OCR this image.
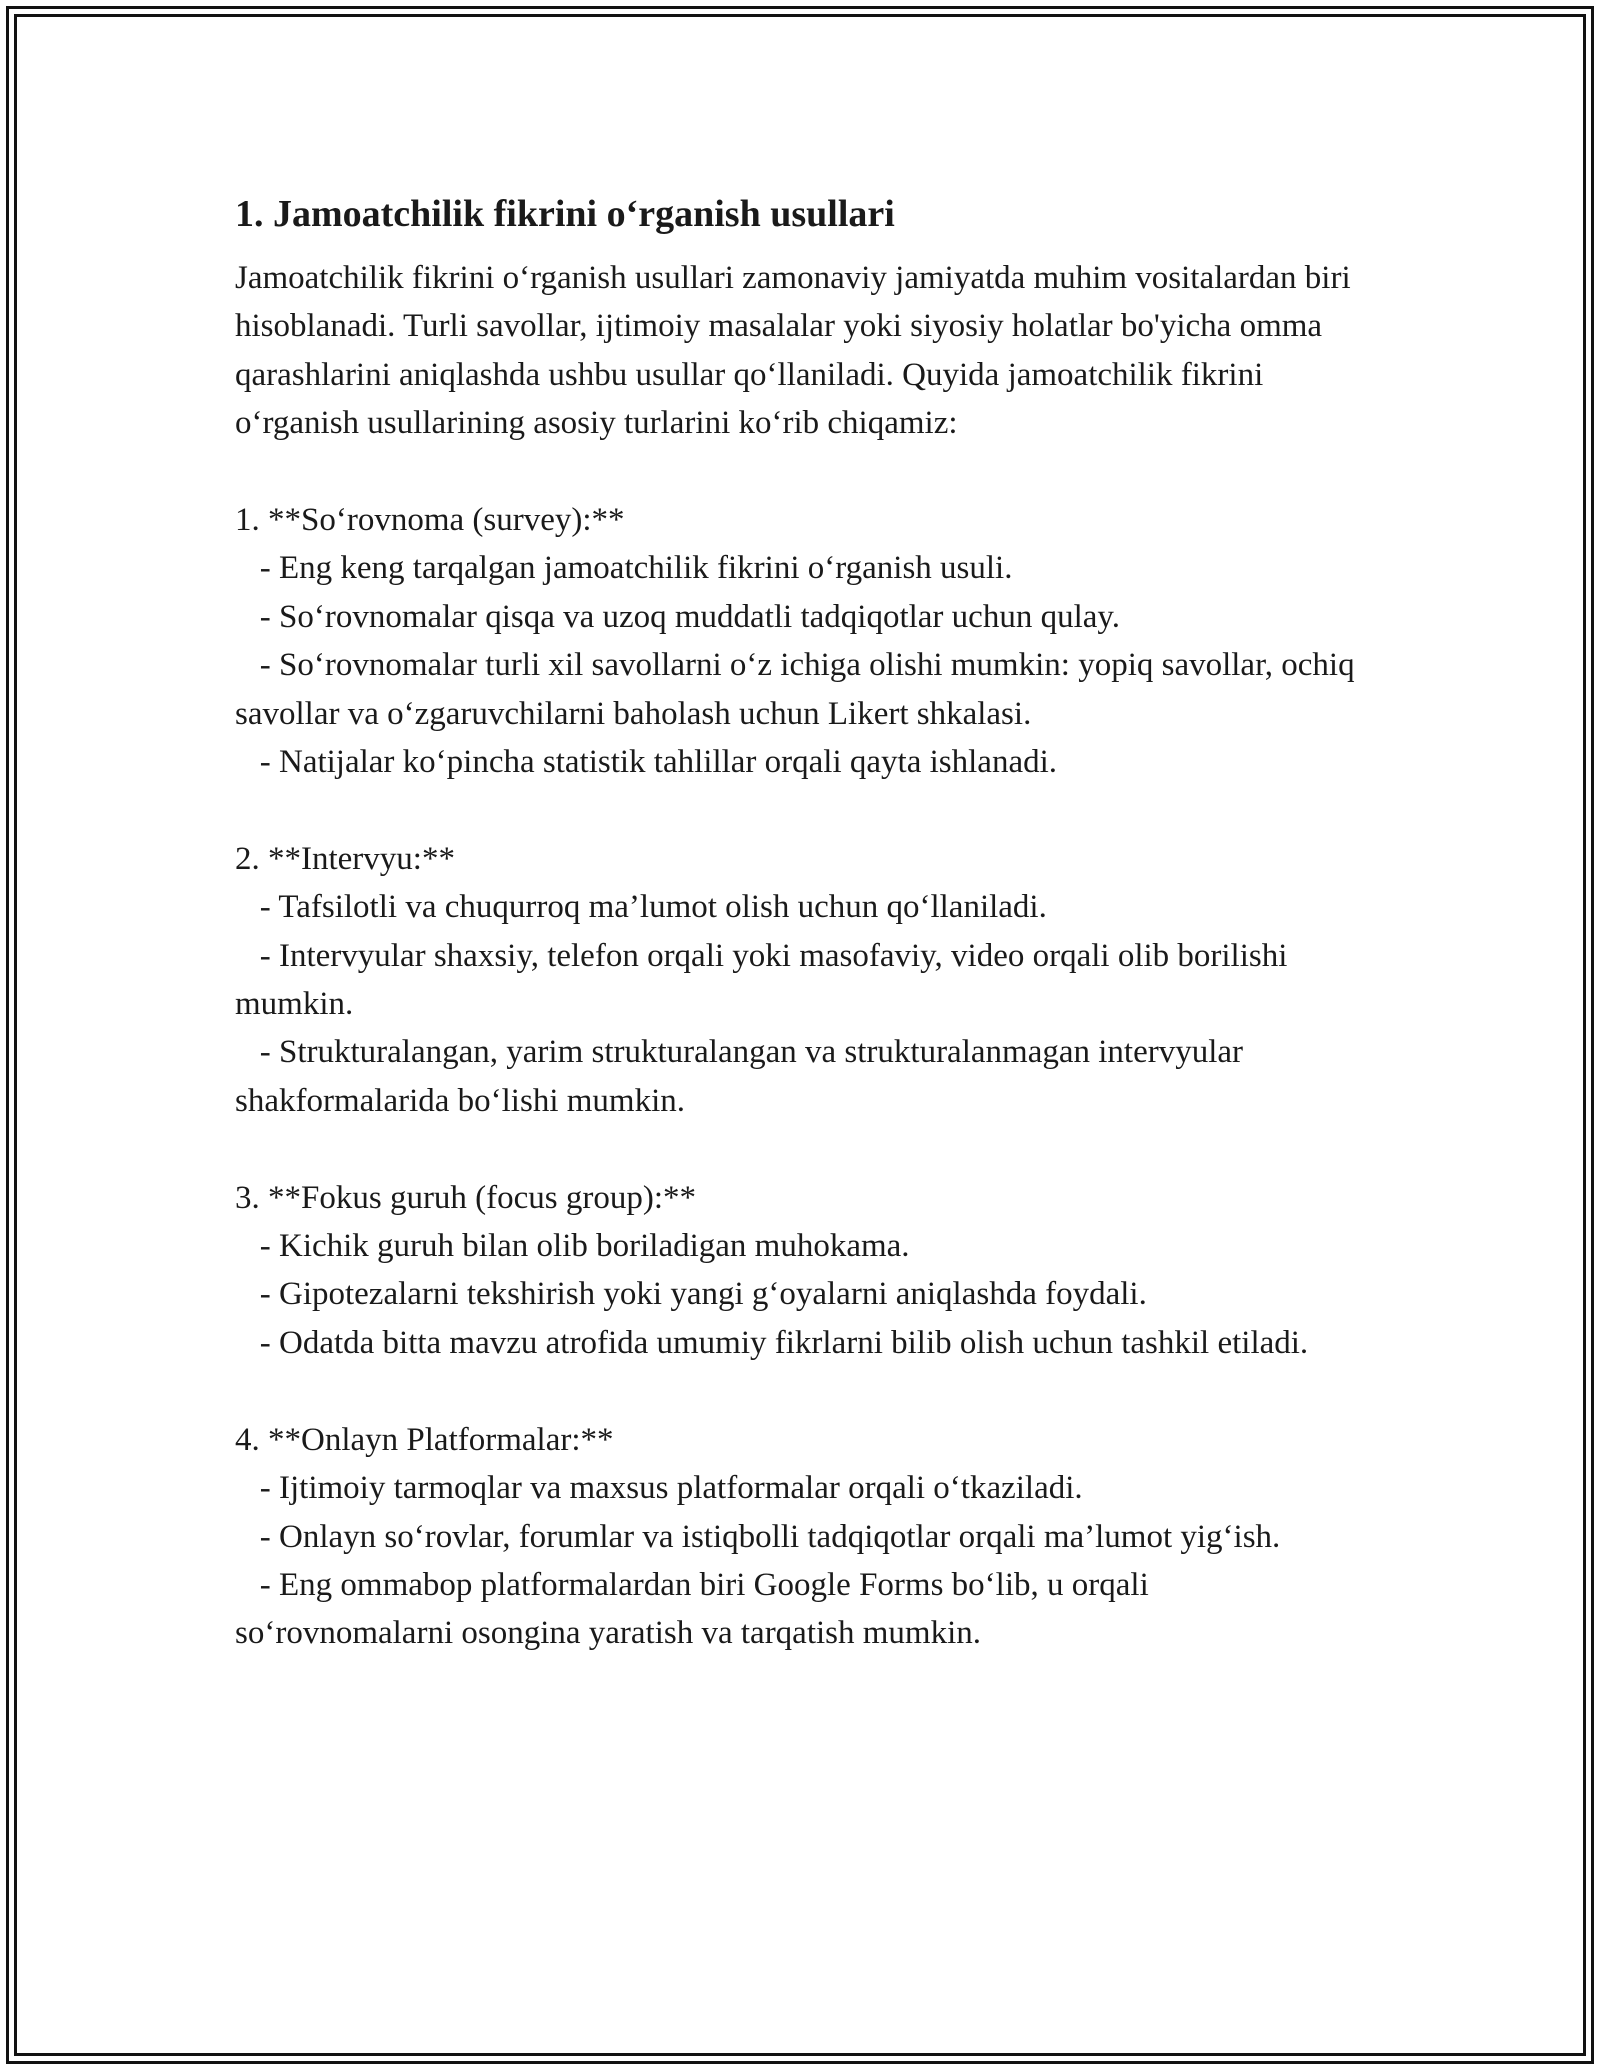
1. Jamoatchilik fikrini o‘rganish usullari

Jamoatchilik fikrini o‘rganish usullari zamonaviy jamiyatda muhim vositalardan biri hisoblanadi. Turli savollar, ijtimoiy masalalar yoki siyosiy holatlar bo'yicha omma qarashlarini aniqlashda ushbu usullar qo‘llaniladi. Quyida jamoatchilik fikrini o‘rganish usullarining asosiy turlarini ko‘rib chiqamiz:

1. **So‘rovnoma (survey):**

- Eng keng tarqalgan jamoatchilik fikrini o‘rganish usuli.

- So‘rovnomalar qisqa va uzoq muddatli tadqiqotlar uchun qulay.

- So‘rovnomalar turli xil savollarni o‘z ichiga olishi mumkin: yopiq savollar, ochiq savollar va o‘zgaruvchilarni baholash uchun Likert shkalasi.

- Natijalar ko‘pincha statistik tahlillar orqali qayta ishlanadi.

2. **Intervyu:**

- Tafsilotli va chuqurroq ma’lumot olish uchun qo‘llaniladi.

- Intervyular shaxsiy, telefon orqali yoki masofaviy, video orqali olib borilishi mumkin.

- Strukturalangan, yarim strukturalangan va strukturalanmagan intervyular shakformalarida bo‘lishi mumkin.

3. **Fokus guruh (focus group):**

- Kichik guruh bilan olib boriladigan muhokama.

- Gipotezalarni tekshirish yoki yangi g‘oyalarni aniqlashda foydali.

- Odatda bitta mavzu atrofida umumiy fikrlarni bilib olish uchun tashkil etiladi.

4. **Onlayn Platformalar:**

- Ijtimoiy tarmoqlar va maxsus platformalar orqali o‘tkaziladi.

- Onlayn so‘rovlar, forumlar va istiqbolli tadqiqotlar orqali ma’lumot yig‘ish.

- Eng ommabop platformalardan biri Google Forms bo‘lib, u orqali so‘rovnomalarni osongina yaratish va tarqatish mumkin.
